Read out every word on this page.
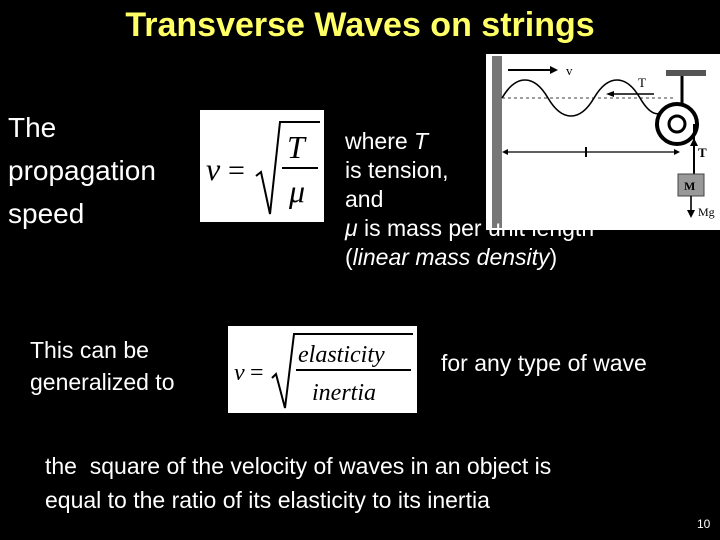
Transverse Waves on strings
The
propagation
speed
v =
T
μ
v
T
T
M
Mg
where T
is tension,
and
μ is mass per unit length
(linear mass density)
This can be
generalized to v =
elasticity
inertia
for any type of wave
the  square of the velocity of waves in an object is
equal to the ratio of its elasticity to its inertia
10
